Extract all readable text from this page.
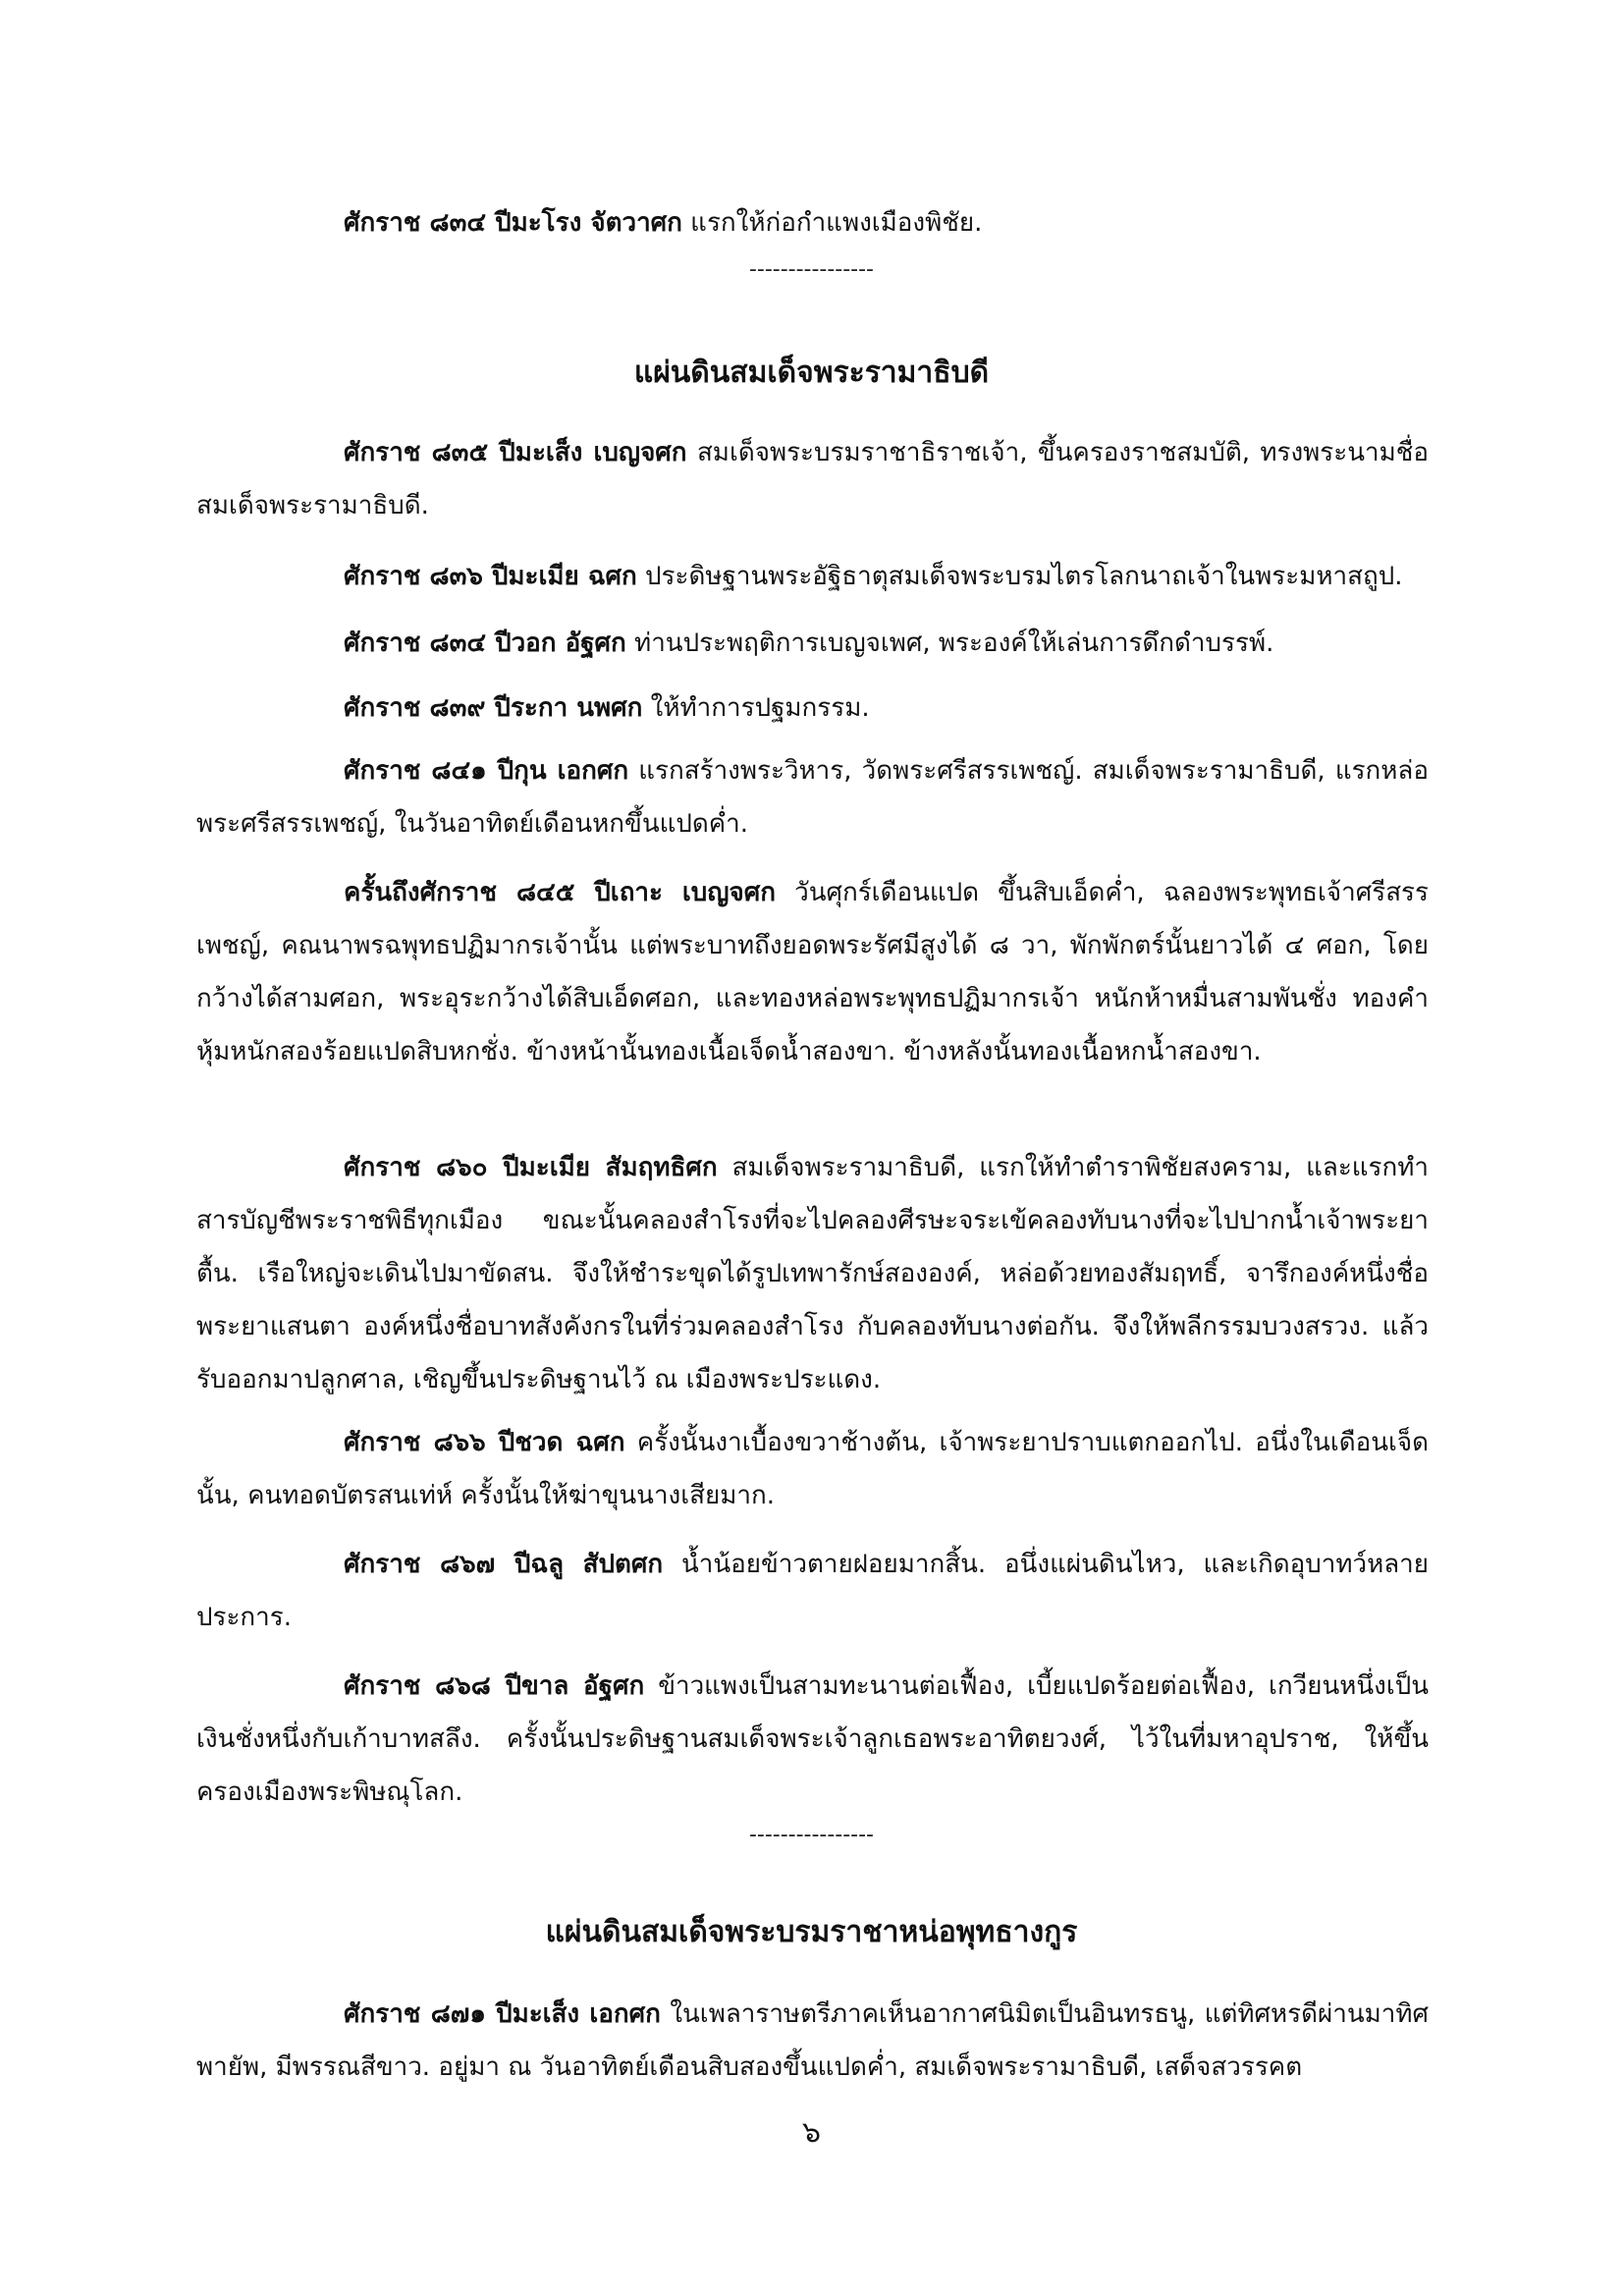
ศักราช ๘๓๔ ปีมะโรง จัตวาศก แรกให้ก่อกำแพงเมืองพิชัย.

----------------
แผ่นดินสมเด็จพระรามาธิบดี

ศักราช ๘๓๕ ปีมะเส็ง เบญจศก สมเด็จพระบรมราชาธิราชเจ้า, ขึ้นครองราชสมบัติ, ทรงพระนามชื่อสมเด็จพระรามาธิบดี.

ศักราช ๘๓๖ ปีมะเมีย ฉศก ประดิษฐานพระอัฐิธาตุสมเด็จพระบรมไตรโลกนาถเจ้าในพระมหาสถูป.

ศักราช ๘๓๔ ปีวอก อัฐศก ท่านประพฤติการเบญจเพศ, พระองค์ให้เล่นการดึกดำบรรพ์.

ศักราช ๘๓๙ ปีระกา นพศก ให้ทำการปฐมกรรม.

ศักราช ๘๔๑ ปีกุน เอกศก แรกสร้างพระวิหาร, วัดพระศรีสรรเพชญ์. สมเด็จพระรามาธิบดี, แรกหล่อพระศรีสรรเพชญ์, ในวันอาทิตย์เดือนหกขึ้นแปดค่ำ.

ครั้นถึงศักราช ๘๔๕ ปีเถาะ เบญจศก วันศุกร์เดือนแปด ขึ้นสิบเอ็ดค่ำ, ฉลองพระพุทธเจ้าศรีสรรเพชญ์, คณนาพรฉพุทธปฏิมากรเจ้านั้น แต่พระบาทถึงยอดพระรัศมีสูงได้ ๘ วา, พักพักตร์นั้นยาวได้ ๔ ศอก, โดยกว้างได้สามศอก, พระอุระกว้างได้สิบเอ็ดศอก, และทองหล่อพระพุทธปฏิมากรเจ้า หนักห้าหมื่นสามพันชั่ง ทองคำหุ้มหนักสองร้อยแปดสิบหกชั่ง. ข้างหน้านั้นทองเนื้อเจ็ดน้ำสองขา. ข้างหลังนั้นทองเนื้อหกน้ำสองขา.

ศักราช ๘๖๐ ปีมะเมีย สัมฤทธิศก สมเด็จพระรามาธิบดี, แรกให้ทำตำราพิชัยสงคราม, และแรกทำสารบัญชีพระราชพิธีทุกเมือง ขณะนั้นคลองสำโรงที่จะไปคลองศีรษะจระเข้คลองทับนางที่จะไปปากน้ำเจ้าพระยาตื้น. เรือใหญ่จะเดินไปมาขัดสน. จึงให้ชำระขุดได้รูปเทพารักษ์สององค์, หล่อด้วยทองสัมฤทธิ์, จารึกองค์หนึ่งชื่อพระยาแสนตา องค์หนึ่งชื่อบาทสังคังกรในที่ร่วมคลองสำโรง กับคลองทับนางต่อกัน. จึงให้พลีกรรมบวงสรวง. แล้วรับออกมาปลูกศาล, เชิญขึ้นประดิษฐานไว้ ณ เมืองพระประแดง.

ศักราช ๘๖๖ ปีชวด ฉศก ครั้งนั้นงาเบื้องขวาช้างต้น, เจ้าพระยาปราบแตกออกไป. อนึ่งในเดือนเจ็ดนั้น, คนทอดบัตรสนเท่ห์ ครั้งนั้นให้ฆ่าขุนนางเสียมาก.

ศักราช ๘๖๗ ปีฉลู สัปตศก น้ำน้อยข้าวตายฝอยมากสิ้น. อนึ่งแผ่นดินไหว, และเกิดอุบาทว์หลายประการ.

ศักราช ๘๖๘ ปีขาล อัฐศก ข้าวแพงเป็นสามทะนานต่อเฟื้อง, เบี้ยแปดร้อยต่อเฟื้อง, เกวียนหนึ่งเป็นเงินชั่งหนึ่งกับเก้าบาทสลึง. ครั้งนั้นประดิษฐานสมเด็จพระเจ้าลูกเธอพระอาทิตยวงศ์, ไว้ในที่มหาอุปราช, ให้ขึ้นครองเมืองพระพิษณุโลก.

----------------
แผ่นดินสมเด็จพระบรมราชาหน่อพุทธางกูร

ศักราช ๘๗๑ ปีมะเส็ง เอกศก ในเพลาราษตรีภาคเห็นอากาศนิมิตเป็นอินทรธนู, แต่ทิศหรดีผ่านมาทิศพายัพ, มีพรรณสีขาว. อยู่มา ณ วันอาทิตย์เดือนสิบสองขึ้นแปดค่ำ, สมเด็จพระรามาธิบดี, เสด็จสวรรคต

๖
